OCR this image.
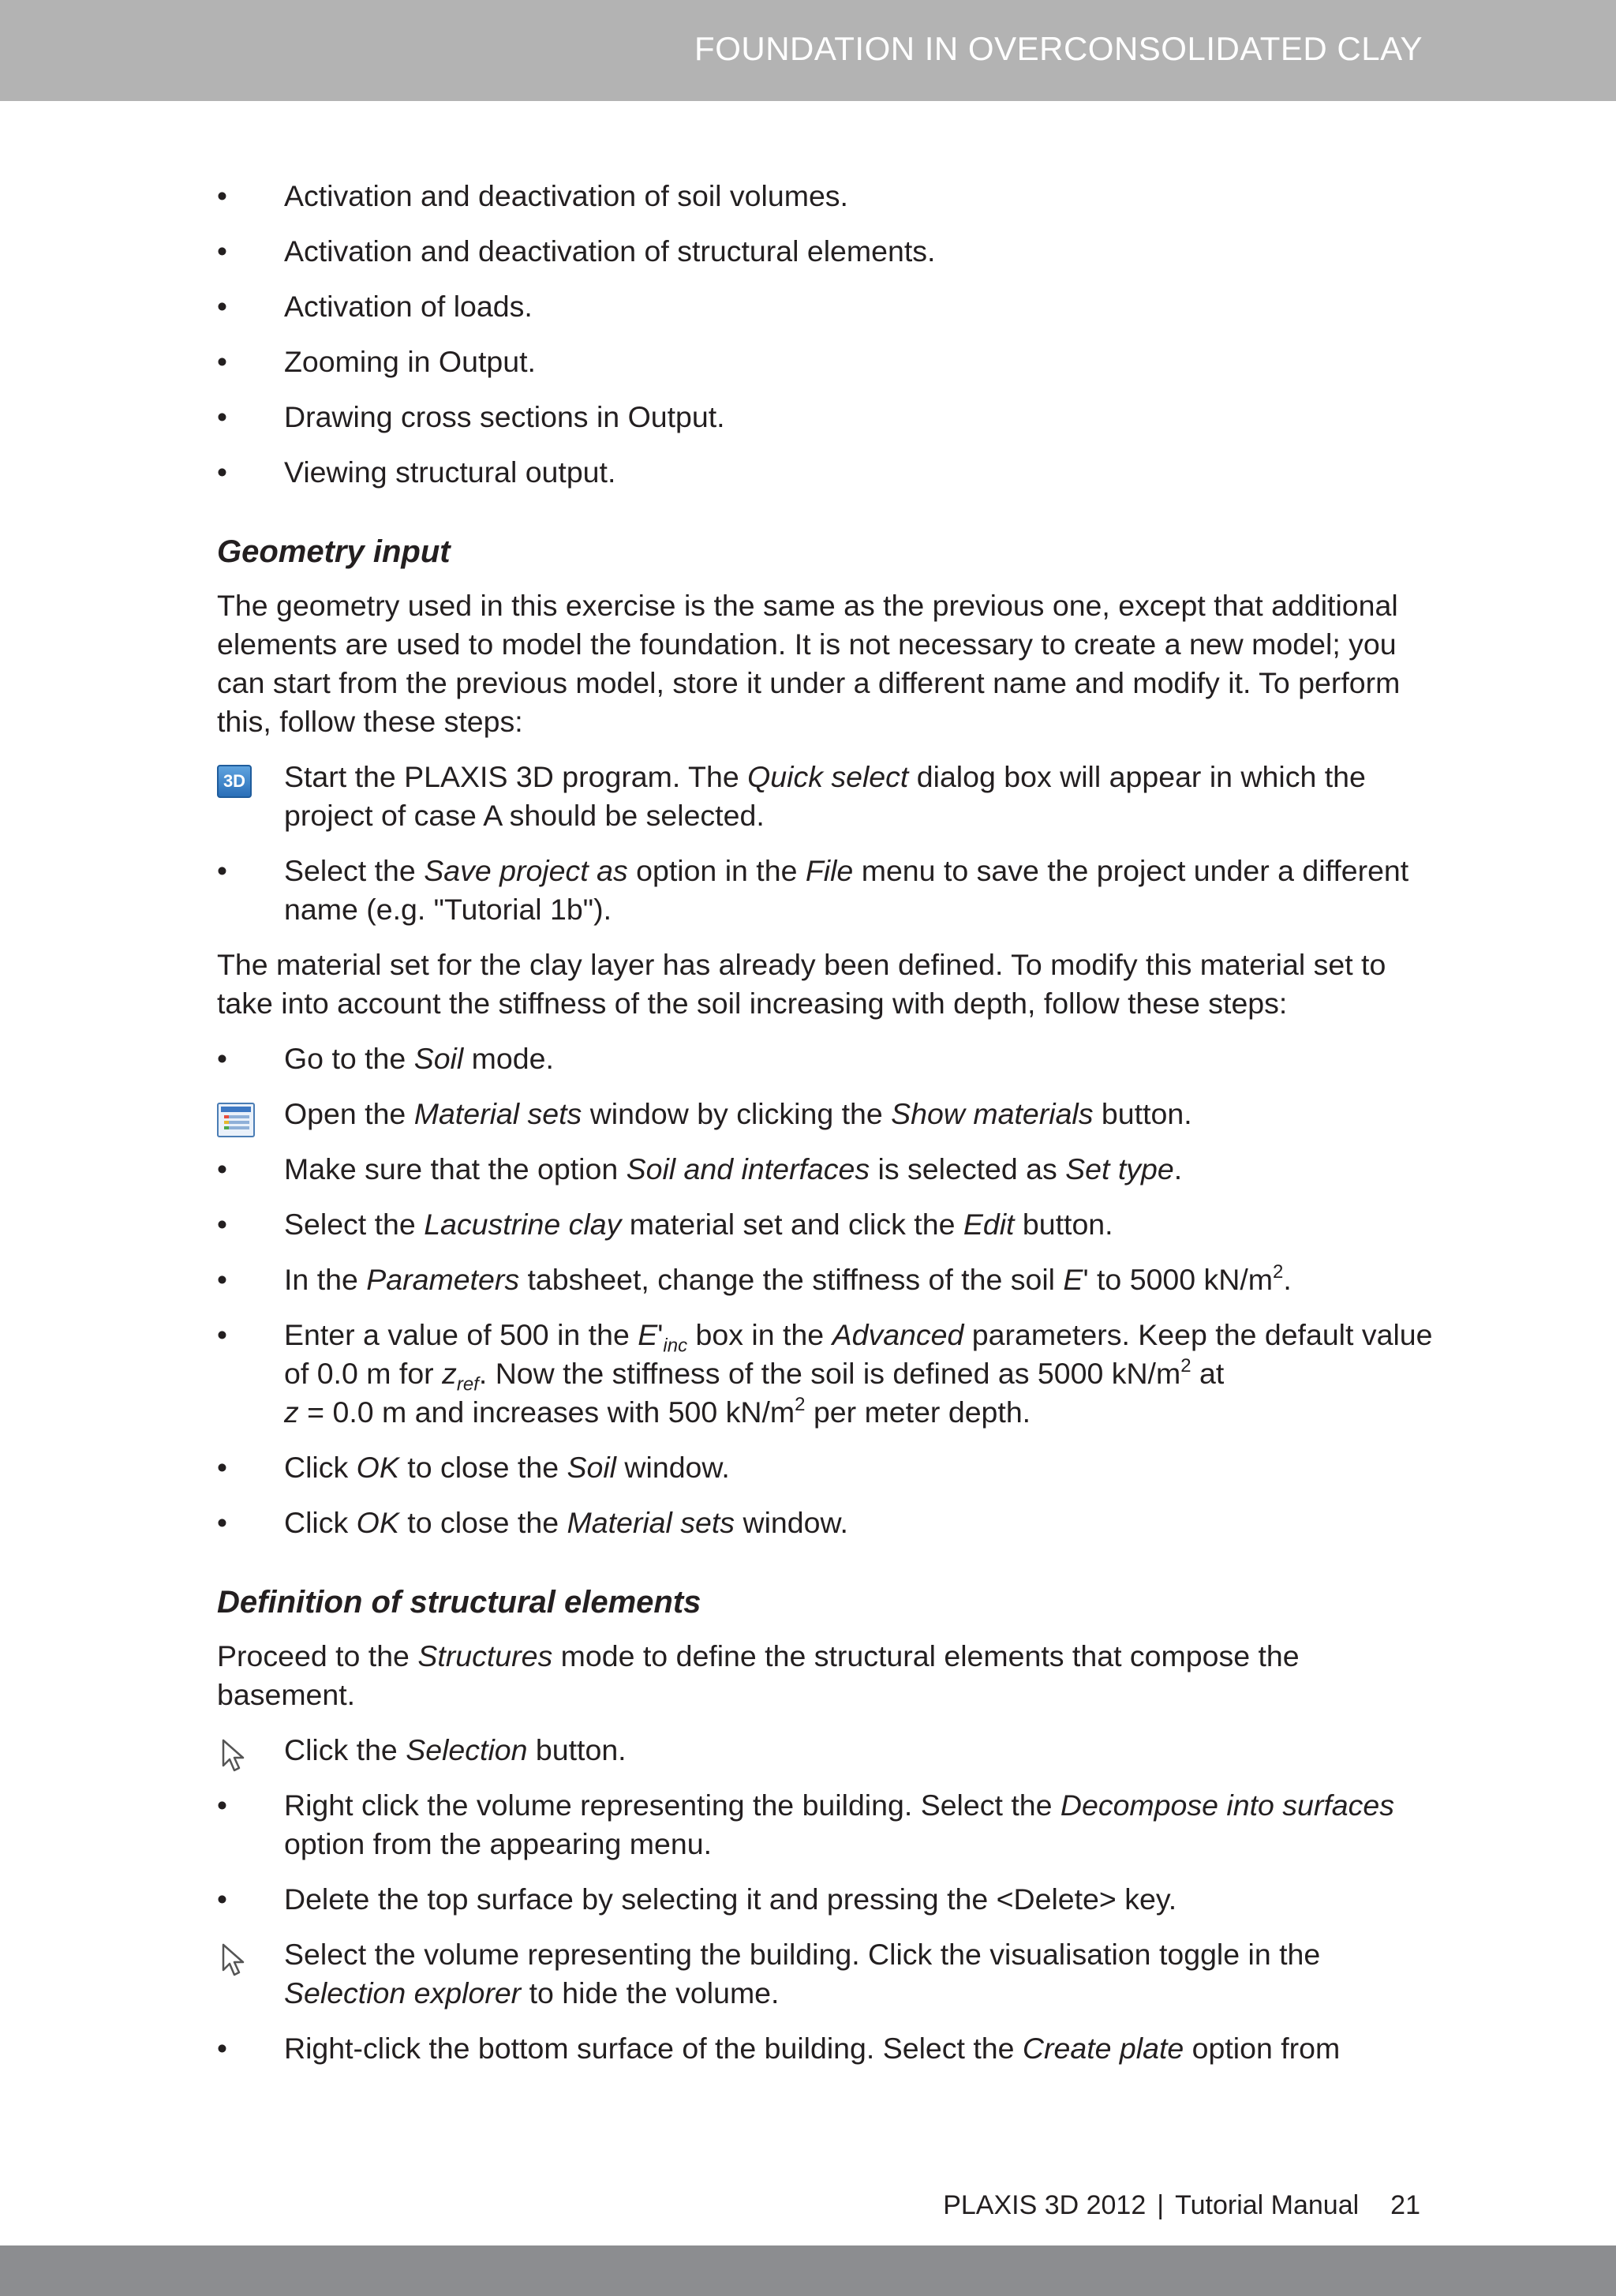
FOUNDATION IN OVERCONSOLIDATED CLAY
•	Activation and deactivation of soil volumes.
•	Activation and deactivation of structural elements.
•	Activation of loads.
•	Zooming in Output.
•	Drawing cross sections in Output.
•	Viewing structural output.
Geometry input
The geometry used in this exercise is the same as the previous one, except that additional elements are used to model the foundation. It is not necessary to create a new model; you can start from the previous model, store it under a different name and modify it. To perform this, follow these steps:
3D	Start the PLAXIS 3D program. The Quick select dialog box will appear in which the project of case A should be selected.
•	Select the Save project as option in the File menu to save the project under a different name (e.g. "Tutorial 1b").
The material set for the clay layer has already been defined. To modify this material set to take into account the stiffness of the soil increasing with depth, follow these steps:
•	Go to the Soil mode.
Open the Material sets window by clicking the Show materials button.
•	Make sure that the option Soil and interfaces is selected as Set type.
•	Select the Lacustrine clay material set and click the Edit button.
•	In the Parameters tabsheet, change the stiffness of the soil E' to 5000 $kN/m^2$.
•	Enter a value of 500 in the $E'_{inc}$ box in the Advanced parameters. Keep the default value of 0.0 m for $z_{ref}$. Now the stiffness of the soil is defined as 5000 $kN/m^2$ at
z = 0.0 m and increases with 500 $kN/m^2$ per meter depth.
•	Click OK to close the Soil window.
•	Click OK to close the Material sets window.
Definition of structural elements
Proceed to the Structures mode to define the structural elements that compose the basement.
Click the Selection button.
•	Right click the volume representing the building. Select the Decompose into surfaces option from the appearing menu.
•	Delete the top surface by selecting it and pressing the <Delete> key.
Select the volume representing the building. Click the visualisation toggle in the Selection explorer to hide the volume.
•	Right-click the bottom surface of the building. Select the Create plate option from
PLAXIS 3D 2012 | Tutorial Manual 21
